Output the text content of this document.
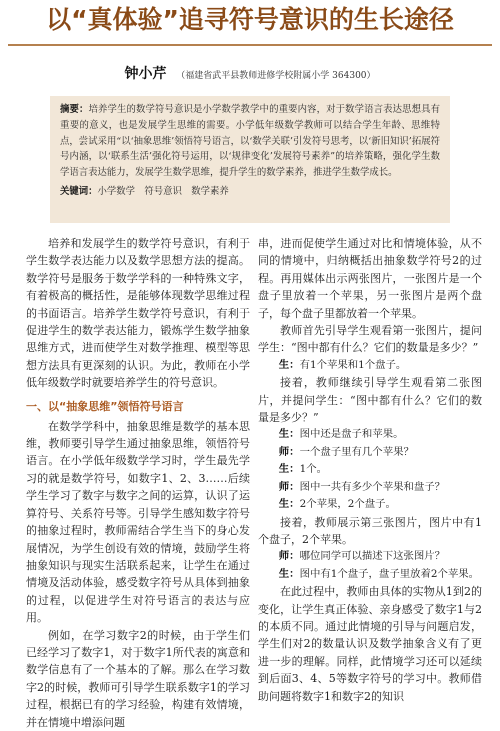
以“真体验”追寻符号意识的生长途径
钟小芹 （福建省武平县教师进修学校附属小学 364300）

摘要：培养学生的数学符号意识是小学数学教学中的重要内容，对于数学语言表达思想具有重要的意义，也是发展学生思维的需要。小学低年级数学教师可以结合学生年龄、思维特点，尝试采用“以‘抽象思维’领悟符号语言，以‘数学关联’引发符号思考，以‘新旧知识’拓展符号内涵，以‘联系生活’强化符号运用，以‘规律变化’发展符号素养”的培养策略，强化学生数学语言表达能力，发展学生数学思维，提升学生的数学素养，推进学生数学成长。

关键词：小学数学　符号意识　数学素养

培养和发展学生的数学符号意识，有利于学生数学表达能力以及数学思想方法的提高。数学符号是服务于数学学科的一种特殊文字，有着极高的概括性，是能够体现数学思维过程的书面语言。培养学生数学符号意识，有利于促进学生的数学表达能力，锻炼学生数学抽象思维方式，进而使学生对数学推理、模型等思想方法具有更深刻的认识。为此，教师在小学低年级数学时就要培养学生的符号意识。

一、以“抽象思维”领悟符号语言

在数学学科中，抽象思维是数学的基本思维，教师要引导学生通过抽象思维，领悟符号语言。在小学低年级数学学习时，学生最先学习的就是数学符号，如数字1、2、3……后续学生学习了数字与数字之间的运算，认识了运算符号、关系符号等。引导学生感知数字符号的抽象过程时，教师需结合学生当下的身心发展情况，为学生创设有效的情境，鼓励学生将抽象知识与现实生活联系起来，让学生在通过情境及活动体验，感受数字符号从具体到抽象的过程，以促进学生对符号语言的表达与应用。

例如，在学习数字2的时候，由于学生们已经学习了数字1，对于数字1所代表的寓意和数学信息有了一个基本的了解。那么在学习数字2的时候，教师可引导学生联系数字1的学习过程，根据已有的学习经验，构建有效情境，并在情境中增添问题

串，进而促使学生通过对比和情境体验，从不同的情境中，归纳概括出抽象数学符号2的过程。再用媒体出示两张图片，一张图片是一个盘子里放着一个苹果，另一张图片是两个盘子，每个盘子里都放着一个苹果。

教师首先引导学生观看第一张图片，提问学生：“图中都有什么？它们的数量是多少？”

生：有1个苹果和1个盘子。

接着，教师继续引导学生观看第二张图片，并提问学生：“图中都有什么？它们的数量是多少？”

生：图中还是盘子和苹果。

师：一个盘子里有几个苹果？

生：1个。

师：图中一共有多少个苹果和盘子？

生：2个苹果，2个盘子。

接着，教师展示第三张图片，图片中有1个盘子，2个苹果。

师：哪位同学可以描述下这张图片？

生：图中有1个盘子，盘子里放着2个苹果。

在此过程中，教师由具体的实物从1到2的变化，让学生真正体验、亲身感受了数字1与2的本质不同。通过此情境的引导与问题启发，学生们对2的数量认识及数学抽象含义有了更进一步的理解。同样，此情境学习还可以延续到后面3、4、5等数字符号的学习中。教师借助问题将数字1和数字2的知识
